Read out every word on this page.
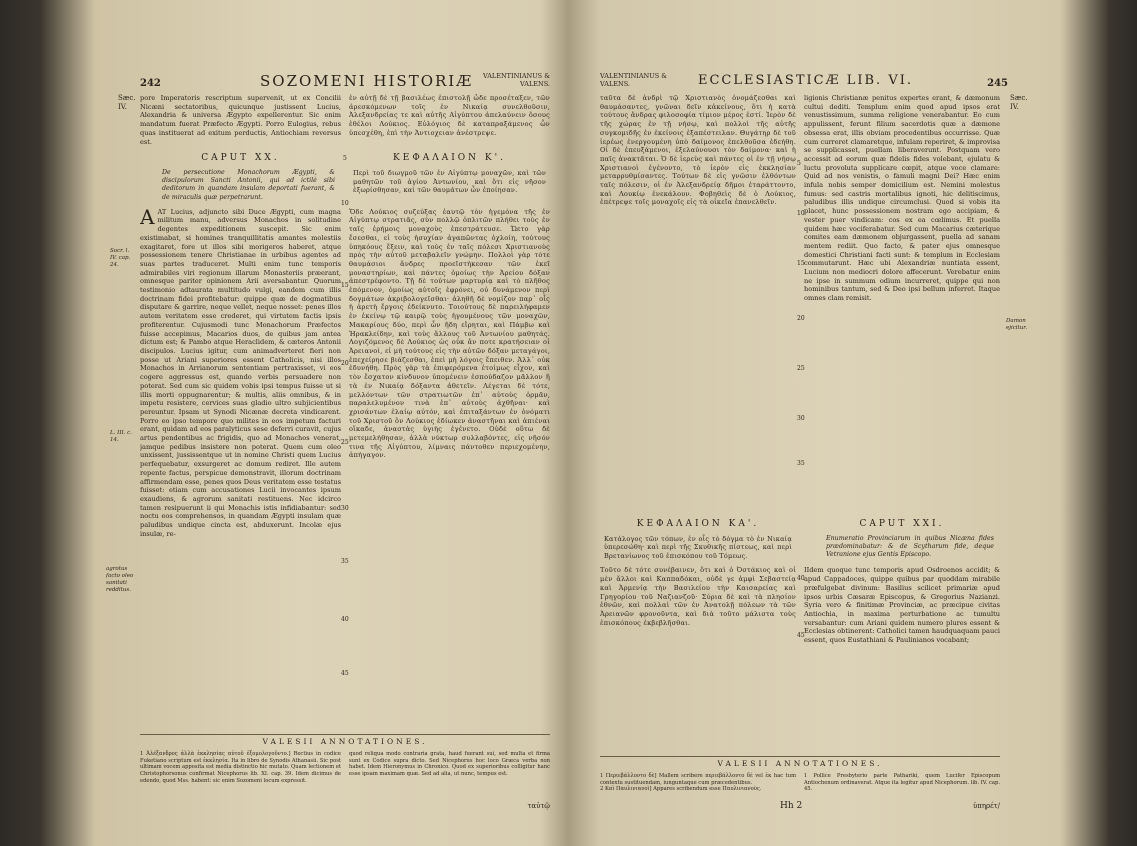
242	SOZOMENI HISTORIÆ	VALENTINIANUS & VALENS.
Sæc. IV.

pore Imperatoris rescriptum supervenit, ut ex Concilii Nicæni sectatoribus, quicunque justissent Lucius, Alexandria & universa Ægypto expellerentur. Sic enim mandatum fuerat Præfecto Ægypti. Porro Eulogius, rebus quas instituerat ad exitum perductis, Antiochiam reversus est.

ἐν αὐτῇ δὲ τῇ βασιλέως ἐπιστολῇ ὧδε προσέταξεν, τῶν ἀρεσκόμενων τοῖς ἐν Νικαίᾳ συνελθοῦσιν, Ἀλεξανδρείας τε καὶ αὐτῆς Αἰγύπτου ἀπελαύνειν ὅσους ἐθέλοι Λούκιος. Εὐλόγιος δὲ καταπραξάμενος ὧν ὑπεσχέθη, ἐπὶ τὴν Ἀντιοχειαν ἀνέστρεψε.

CAPUT XX.
De persecutione Monachorum Ægypti, & discipulorum Sancti Antonii, qui ad ictilè sibi deditorum in quandam insulam deportati fuerant, & de miraculis quæ perpetrarunt.
ΚΕΦΑΛΑΙΟΝ Κ'.
Περὶ τοῦ διωγμοῦ τῶν ἐν Αἰγύπτῳ μοναχῶν, καὶ τῶν μαθητῶν τοῦ ἁγίου Ἀντωνίου, καὶ ὅτι εἰς νῆσον ἐξωρίσθησαν, καὶ τῶν θαυμάτων ὧν ἐποίησαν.

AAT Lucius, adjuncto sibi Duce Ægypti, cum magna militum manu, adversus Monachos in solitudine degentes expeditionem suscepit. Sic enim existimabat, si homines tranquillitatis amantes molestiis exagitaret, fore ut illos sibi morigeros haberet, atque possessionem tenere Christianae in urbibus agentes ad suas partes traduceret. Multi enim tunc temporis admirabiles viri regionum illarum Monasteriis præerant, omnesque pariter opinionem Arii aversabantur. Quorum testimonio adtaurata multitudo vulgi, eandem cum illis doctrinam fidei profitebatur: quippe quæ de dogmatibus disputare & garrire, neque vellet, neque nosset: penes illos autem veritatem esse crederet, qui virtutem factis ipsis profiterentur. Cujusmodi tunc Monachorum Præfectos fuisse accepimus, Macarios duos, de quibus jam antea dictum est; & Pambo atque Heraclidem, & cæteros Antonii discipulos. Lucius igitur, cum animadverteret fieri non posse ut Ariani superiores essent Catholicis, nisi illos Monachos in Arrianorum sententiam pertraxisset, vi eos cogere aggressus est, quando verbis persuadere non poterat. Sed cum sic quidem vobis ipsi tempus fuisse ut si illis morti oppugnarentur; & multis, aliis omnibus, & in impetu resistere, cervices suas gladio ultro subjicientibus pereuntur. Ipsam ut Synodi Nicænæ decreta vindicarent. Porro eo ipso tempore quo milites in eos impetum facturi erant, quidam ad eos paralyticus sese deferri curavit, cujus artus pendentibus ac frigidis, quo ad Monachos venerat, jamque pedibus insistere non poterat. Quem cum oleo unxissent, jussissentque ut in nomine Christi quem Lucius perfequebatur, exsurgeret ac domum rediret. Ille autem repente factus, perspicue demonstravit, illorum doctrinam affirmendam esse, penes quos Deus veritatem esse testatus fuisset: etiam cum accusationes Lucii invocantes ipsum exaudiens, & agrorum sanitati restituens. Nec idcirco tamen resipuerunt ii qui Monachis istis infidiabantur: sed noctu eos comprehensos, in quandam Ægypti insulam quæ paludibus undique cincta est, abduxerunt. Incolæ ejus insulæ, re-

Ὅδε Λούκιος συζεύξας ἑαυτῷ τὸν ἡγεμόνα τῆς ἐν Αἰγύπτῳ στρατιᾶς, σὺν πολλῷ ὁπλιτῶν πλήθει τοὺς ἐν ταῖς ἐρήμοις μοναχοὺς ἐπεστράτευσε. Ὤετο γὰρ ἔσεσθαι, εἰ τοὺς ἡσυχίαν ἀγαπῶντας ὀχλοίη, τούτους ὑπηκόους ἔξειν, καὶ τοὺς ἐν ταῖς πόλεσι Χριστιανοὺς πρὸς τὴν αὐτοῦ μεταβαλεῖν γνώμην. Πολλοὶ γὰρ τότε θαυμάσιοι ἄνδρες προεῖστήκεσαν τῶν ἐκεῖ μοναστηρίων, καὶ πάντες ὁμοίως τὴν Ἀρείου δόξαν ἀπεστρέφοντο. Τῇ δὲ τούτων μαρτυρίᾳ καὶ τὸ πλῆθος ἐπόμενον, ὁμοίως αὐτοῖς ἐφρόνει, οὐ δυνάμενον περὶ δογμάτων ἀκριβολογεῖσθαι· ἀληθῆ δὲ νομίζον παρ᾽ οἷς ἡ ἀρετὴ ἔργοις ἐδείκνυτο. Τοιούτους δὲ παρειλήφαμεν ἐν ἐκείνῳ τῷ καιρῷ τοὺς ἡγουμένους τῶν μοναχῶν, Μακαρίους δύο, περὶ ὧν ἤδη εἴρηται, καὶ Πάμβω καὶ Ἡρακλείδην, καὶ τοὺς ἄλλους τοῦ Ἀντωνίου μαθητάς. Λογιζόμενος δὲ Λούκιος ὡς οὐκ ἄν ποτε κρατήσειαν οἱ Ἀρειανοὶ, εἰ μὴ τούτους εἰς τὴν αὐτῶν δόξαν μεταγάγοι, ἐπεχείρησε βιάζεσθαι, ἐπεὶ μὴ λόγοις ἔπειθεν. Ἀλλ᾽ οὐκ ἐδυνήθη. Πρὸς γὰρ τὰ ἐπιφερόμενα ἑτοίμως εἶχον, καὶ τὸν ἔσχατον κίνδυνον ὑπομένειν ἐσπούδαζον μᾶλλον ἢ τὰ ἐν Νικαίᾳ δόξαντα ἀθετεῖν. Λέγεται δὲ τότε, μελλόντων τῶν στρατιωτῶν ἐπ᾽ αὐτοὺς ὁρμᾶν, παραλελυμένον τινὰ ἐπ᾽ αὐτοὺς ἀχθῆναι· καὶ χρισάντων ἐλαίῳ αὐτόν, καὶ ἐπιταξάντων ἐν ὀνόματι τοῦ Χριστοῦ ὃν Λούκιος ἐδίωκεν ἀναστῆναι καὶ ἀπιέναι οἴκαδε, ἀναστὰς ὑγιὴς ἐγένετο. Οὐδὲ οὕτω δὲ μετεμελήθησαν, ἀλλὰ νύκτωρ συλλαβόντες, εἰς νῆσόν τινα τῆς Αἰγύπτου, λίμναις πάντοθεν περιεχομένην, ἀπήγαγον.

Socr. l. IV. cap. 24.
L. III. c. 14.
agrotus facto oleo sanitati redditus.
5
10
15
20
25
30
35
40
45
VALESII ANNOTATIONES.
1 Ἀλέξανδρος ἀλλὰ ἐκκλησίας αὐτοῦ ἐξομολογοῦντο.] Rectius in codice Fuketiano scriptum est ἐκκλησία. Ita in libro de Synodis Athanasii. Sic post ultimam vocem apposita est media distinctio hic mutato. Quam lectionem et Christophorsonus confirmat Nicephorus lib. XI. cap. 39. Idem dicimus de edendo, quod Mss. habent: sic enim Sozomeni locum expressit.
quod reliqua modo contraria grata, haud fuerant sui, sed multa et firma sunt ex Codice supra dicto. Sed Nicephorus hoc loco Græca verba non habet. Idem Hieronymus in Chronico. Quod ex superioribus colligitur hanc esse ipsam maximam quæ. Sed ad alia, ut nunc, tempus est.
ταὐτῷ
VALENTINIANUS & VALENS.	ECCLESIASTICÆ LIB. VI.	245
Sæc. IV.

ταῦτα δὲ ἀνδρὶ τῷ Χριστιανὸς ὀνομάζεσθαι καὶ θαυμάσαντες, γνῶναι δεῖν κἀκείνους, ὅτι ἡ κατὰ τούτους ἄνδρας φιλοσοφία τίμιον μέρος ἐστί. Ἱερὸν δὲ τῆς χώρας ἐν τῇ νήσῳ, καὶ πολλοὶ τῆς αὐτῆς συγκομιδῆς ἐν ἐκείνοις ἐξαπέστειλαν. Θυγάτηρ δὲ τοῦ ἱερέως ἐνεργουμένη ὑπὸ δαίμονος ἐπελθοῦσα ἐδεήθη. Οἱ δὲ ἐπευξάμενοι, ἐξελαύνουσι τὸν δαίμονα· καὶ ἡ παῖς ἀνακτᾶται. Ὁ δὲ ἱερεὺς καὶ πάντες οἱ ἐν τῇ νήσῳ Χριστιανοὶ ἐγένοντο, τὸ ἱερὸν εἰς ἐκκλησίαν μεταρρυθμίσαντες. Τούτων δὲ εἰς γνῶσιν ἐλθόντων ταῖς πόλεσιν, οἱ ἐν Ἀλεξανδρείᾳ δῆμοι ἐταράττοντο, καὶ Λουκίῳ ἐνεκάλουν. Φοβηθεὶς δὲ ὁ Λούκιος, ἐπέτρεψε τοῖς μοναχοῖς εἰς τὰ οἰκεῖα ἐπανελθεῖν.

ligionis Christianæ penitus expertes erant, & dæmonum cultui dediti. Templum enim quod apud ipsos erat venustissimum, summa religione venerabantur. Eo cum appulissent, ferunt filium sacerdotis quæ a dæmone obsessa erat, illis obviam procedentibus occurrisse. Quæ cum curreret clamaretque, infulam reperiret, & improvisa se supplicasset, puellam liberaverunt. Postquam vero accessit ad eorum quæ fidelis fides volebant, ejulatu & luctu provoluta supplicare cœpit, atque voce clamare: Quid ad nos venistis, o famuli magni Dei? Hæc enim infula nobis semper domicilium est. Nemini molestus fumus: sed castris mortalibus ignoti, hic delitiscimus, paludibus illis undique circumclusi. Quod si vobis ita placet, hunc possessionem nostram ego accipiam, & vester puer vindicam: cos ex ea cœlimus. Et puella quidem hæc vociferabatur. Sed cum Macarius cæterique comites eam dæmonem objurgassent, puella ad sanam mentem rediit. Quo facto, & pater ejus omnesque domestici Christiani facti sunt: & templum in Ecclesiam commutarunt. Hæc ubi Alexandriæ nuntiata essent, Lucium non mediocri dolore affecerunt. Verebatur enim ne ipse in summum odium incurreret, quippe qui non hominibus tantum, sed & Deo ipsi bellum inferret. Itaque omnes clam remisit.

Damon ejicitur.
5
10
15
20
25
30
35
40
45
ΚΕΦΑΛΑΙΟΝ ΚΑ'.
Κατάλογος τῶν τόπων, ἐν οἷς τὸ δόγμα τὸ ἐν Νικαίᾳ ὑπερεσώθη· καὶ περὶ τῆς Σκυθικῆς πίστεως, καὶ περὶ Βρετανίωνος τοῦ ἐπισκόπου τοῦ Τόμεως.
CAPUT XXI.
Enumeratio Provinciarum in quibus Nicæna fides prædominabatur: & de Scytharum fide, deque Vetranione ejus Gentis Episcopo.

Τοῦτο δὲ τότε συνέβαινεν, ὅτι καὶ ὁ Ὀστάκιος καὶ οἱ μὲν ἄλλοι καὶ Καππαδόκαι, οὐδὲ γε ἀμφὶ Σεβαστείᾳ καὶ Ἀρμενίᾳ τὴν Βασιλείου τὴν Καισαρείας καὶ Γρηγορίου τοῦ Ναζιανζοῦ· Σύρια δὲ καὶ τὰ πλησίον ἐθνῶν, καὶ πολλαὶ τῶν ἐν Ἀνατολῇ πόλεων τὰ τῶν Ἀρειανῶν φρονοῦντα, καὶ διὰ τοῦτο μάλιστα τοὺς ἐπισκόπους ἐκβεβλῆσθαι.

IIdem quoque tunc temporis apud Osdroenos accidit; & apud Cappadoces, quippe quibus par quoddam mirabile præfulgebat divinum: Basilius scilicet primariæ apud ipsos urbis Cæsaræ Episcopus, & Gregorius Nazianzi. Syria vero & finitimæ Provinciæ, ac præcipue civitas Antiochia, in maxima perturbatione ac tumultu versabantur: cum Ariani quidem numero plures essent & Ecclesias obtinerent: Catholici tamen haudquaquam pauci essent, quos Eustathiani & Paulinianos vocabant;

VALESII ANNOTATIONES.
1 Περιεβάλλοντο δὲ] Mallem scribere περιεβάλλοντο δὲ vel ἐκ hac tum contextu sustituendam, iunguntaque cum præcedentibus.
2 Καὶ Παυλινιανοὶ] Appares scribendum esse Παυλινιανοὺς.
1 Pollice Presbyterio parte Pathariki, quem Lucifer Episcopum Antiochenum ordinaverat. Atque ita legitur apud Nicephorum. lib. IV. cap. 45.
Hh 2	ὑπηρέτ/
